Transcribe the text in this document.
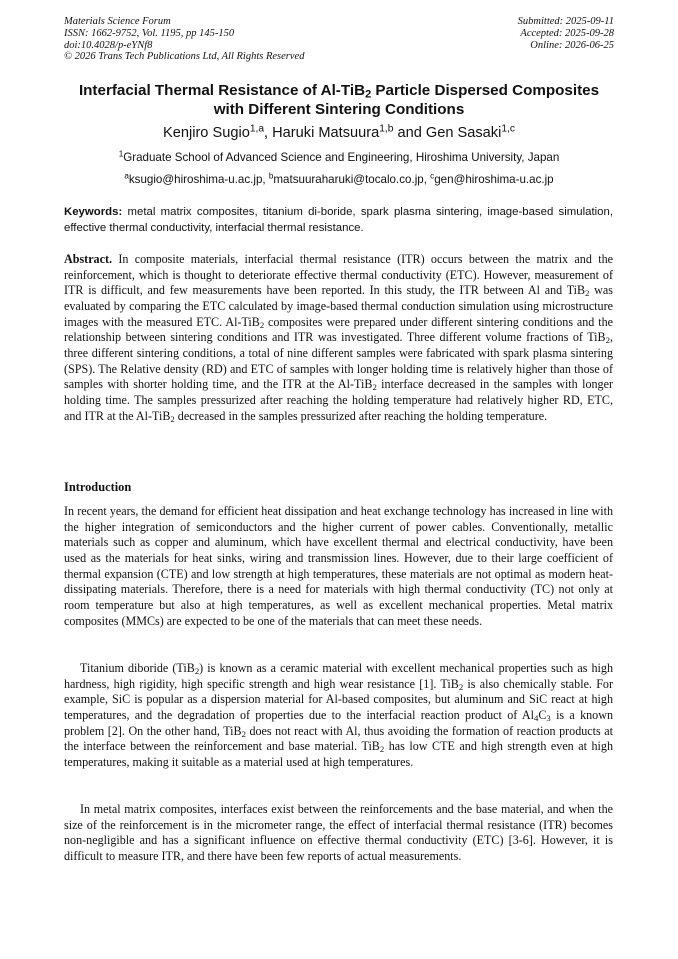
Materials Science Forum
ISSN: 1662-9752, Vol. 1195, pp 145-150
doi:10.4028/p-eYNf8
© 2026 Trans Tech Publications Ltd, All Rights Reserved
Submitted: 2025-09-11
Accepted: 2025-09-28
Online: 2026-06-25
Interfacial Thermal Resistance of Al-TiB$_2$ Particle Dispersed Composites
with Different Sintering Conditions
Kenjiro Sugio$^{1,a}$, Haruki Matsuura$^{1,b}$ and Gen Sasaki$^{1,c}$
$^1$Graduate School of Advanced Science and Engineering, Hiroshima University, Japan
$^a$ksugio@hiroshima-u.ac.jp, $^b$matsuuraharuki@tocalo.co.jp, $^c$gen@hiroshima-u.ac.jp
Keywords: metal matrix composites, titanium di-boride, spark plasma sintering, image-based simulation, effective thermal conductivity, interfacial thermal resistance.
Abstract. In composite materials, interfacial thermal resistance (ITR) occurs between the matrix and the reinforcement, which is thought to deteriorate effective thermal conductivity (ETC). However, measurement of ITR is difficult, and few measurements have been reported. In this study, the ITR between Al and TiB$_2$ was evaluated by comparing the ETC calculated by image-based thermal conduction simulation using microstructure images with the measured ETC. Al-TiB$_2$ composites were prepared under different sintering conditions and the relationship between sintering conditions and ITR was investigated. Three different volume fractions of TiB$_2$, three different sintering conditions, a total of nine different samples were fabricated with spark plasma sintering (SPS). The Relative density (RD) and ETC of samples with longer holding time is relatively higher than those of samples with shorter holding time, and the ITR at the Al-TiB$_2$ interface decreased in the samples with longer holding time. The samples pressurized after reaching the holding temperature had relatively higher RD, ETC, and ITR at the Al-TiB$_2$ decreased in the samples pressurized after reaching the holding temperature.
Introduction
In recent years, the demand for efficient heat dissipation and heat exchange technology has increased in line with the higher integration of semiconductors and the higher current of power cables. Conventionally, metallic materials such as copper and aluminum, which have excellent thermal and electrical conductivity, have been used as the materials for heat sinks, wiring and transmission lines. However, due to their large coefficient of thermal expansion (CTE) and low strength at high temperatures, these materials are not optimal as modern heat-dissipating materials. Therefore, there is a need for materials with high thermal conductivity (TC) not only at room temperature but also at high temperatures, as well as excellent mechanical properties. Metal matrix composites (MMCs) are expected to be one of the materials that can meet these needs.
Titanium diboride (TiB$_2$) is known as a ceramic material with excellent mechanical properties such as high hardness, high rigidity, high specific strength and high wear resistance [1]. TiB$_2$ is also chemically stable. For example, SiC is popular as a dispersion material for Al-based composites, but aluminum and SiC react at high temperatures, and the degradation of properties due to the interfacial reaction product of $Al_4C_3$ is a known problem [2]. On the other hand, TiB$_2$ does not react with Al, thus avoiding the formation of reaction products at the interface between the reinforcement and base material. TiB$_2$ has low CTE and high strength even at high temperatures, making it suitable as a material used at high temperatures.
In metal matrix composites, interfaces exist between the reinforcements and the base material, and when the size of the reinforcement is in the micrometer range, the effect of interfacial thermal resistance (ITR) becomes non-negligible and has a significant influence on effective thermal conductivity (ETC) [3-6]. However, it is difficult to measure ITR, and there have been few reports of actual measurements.
